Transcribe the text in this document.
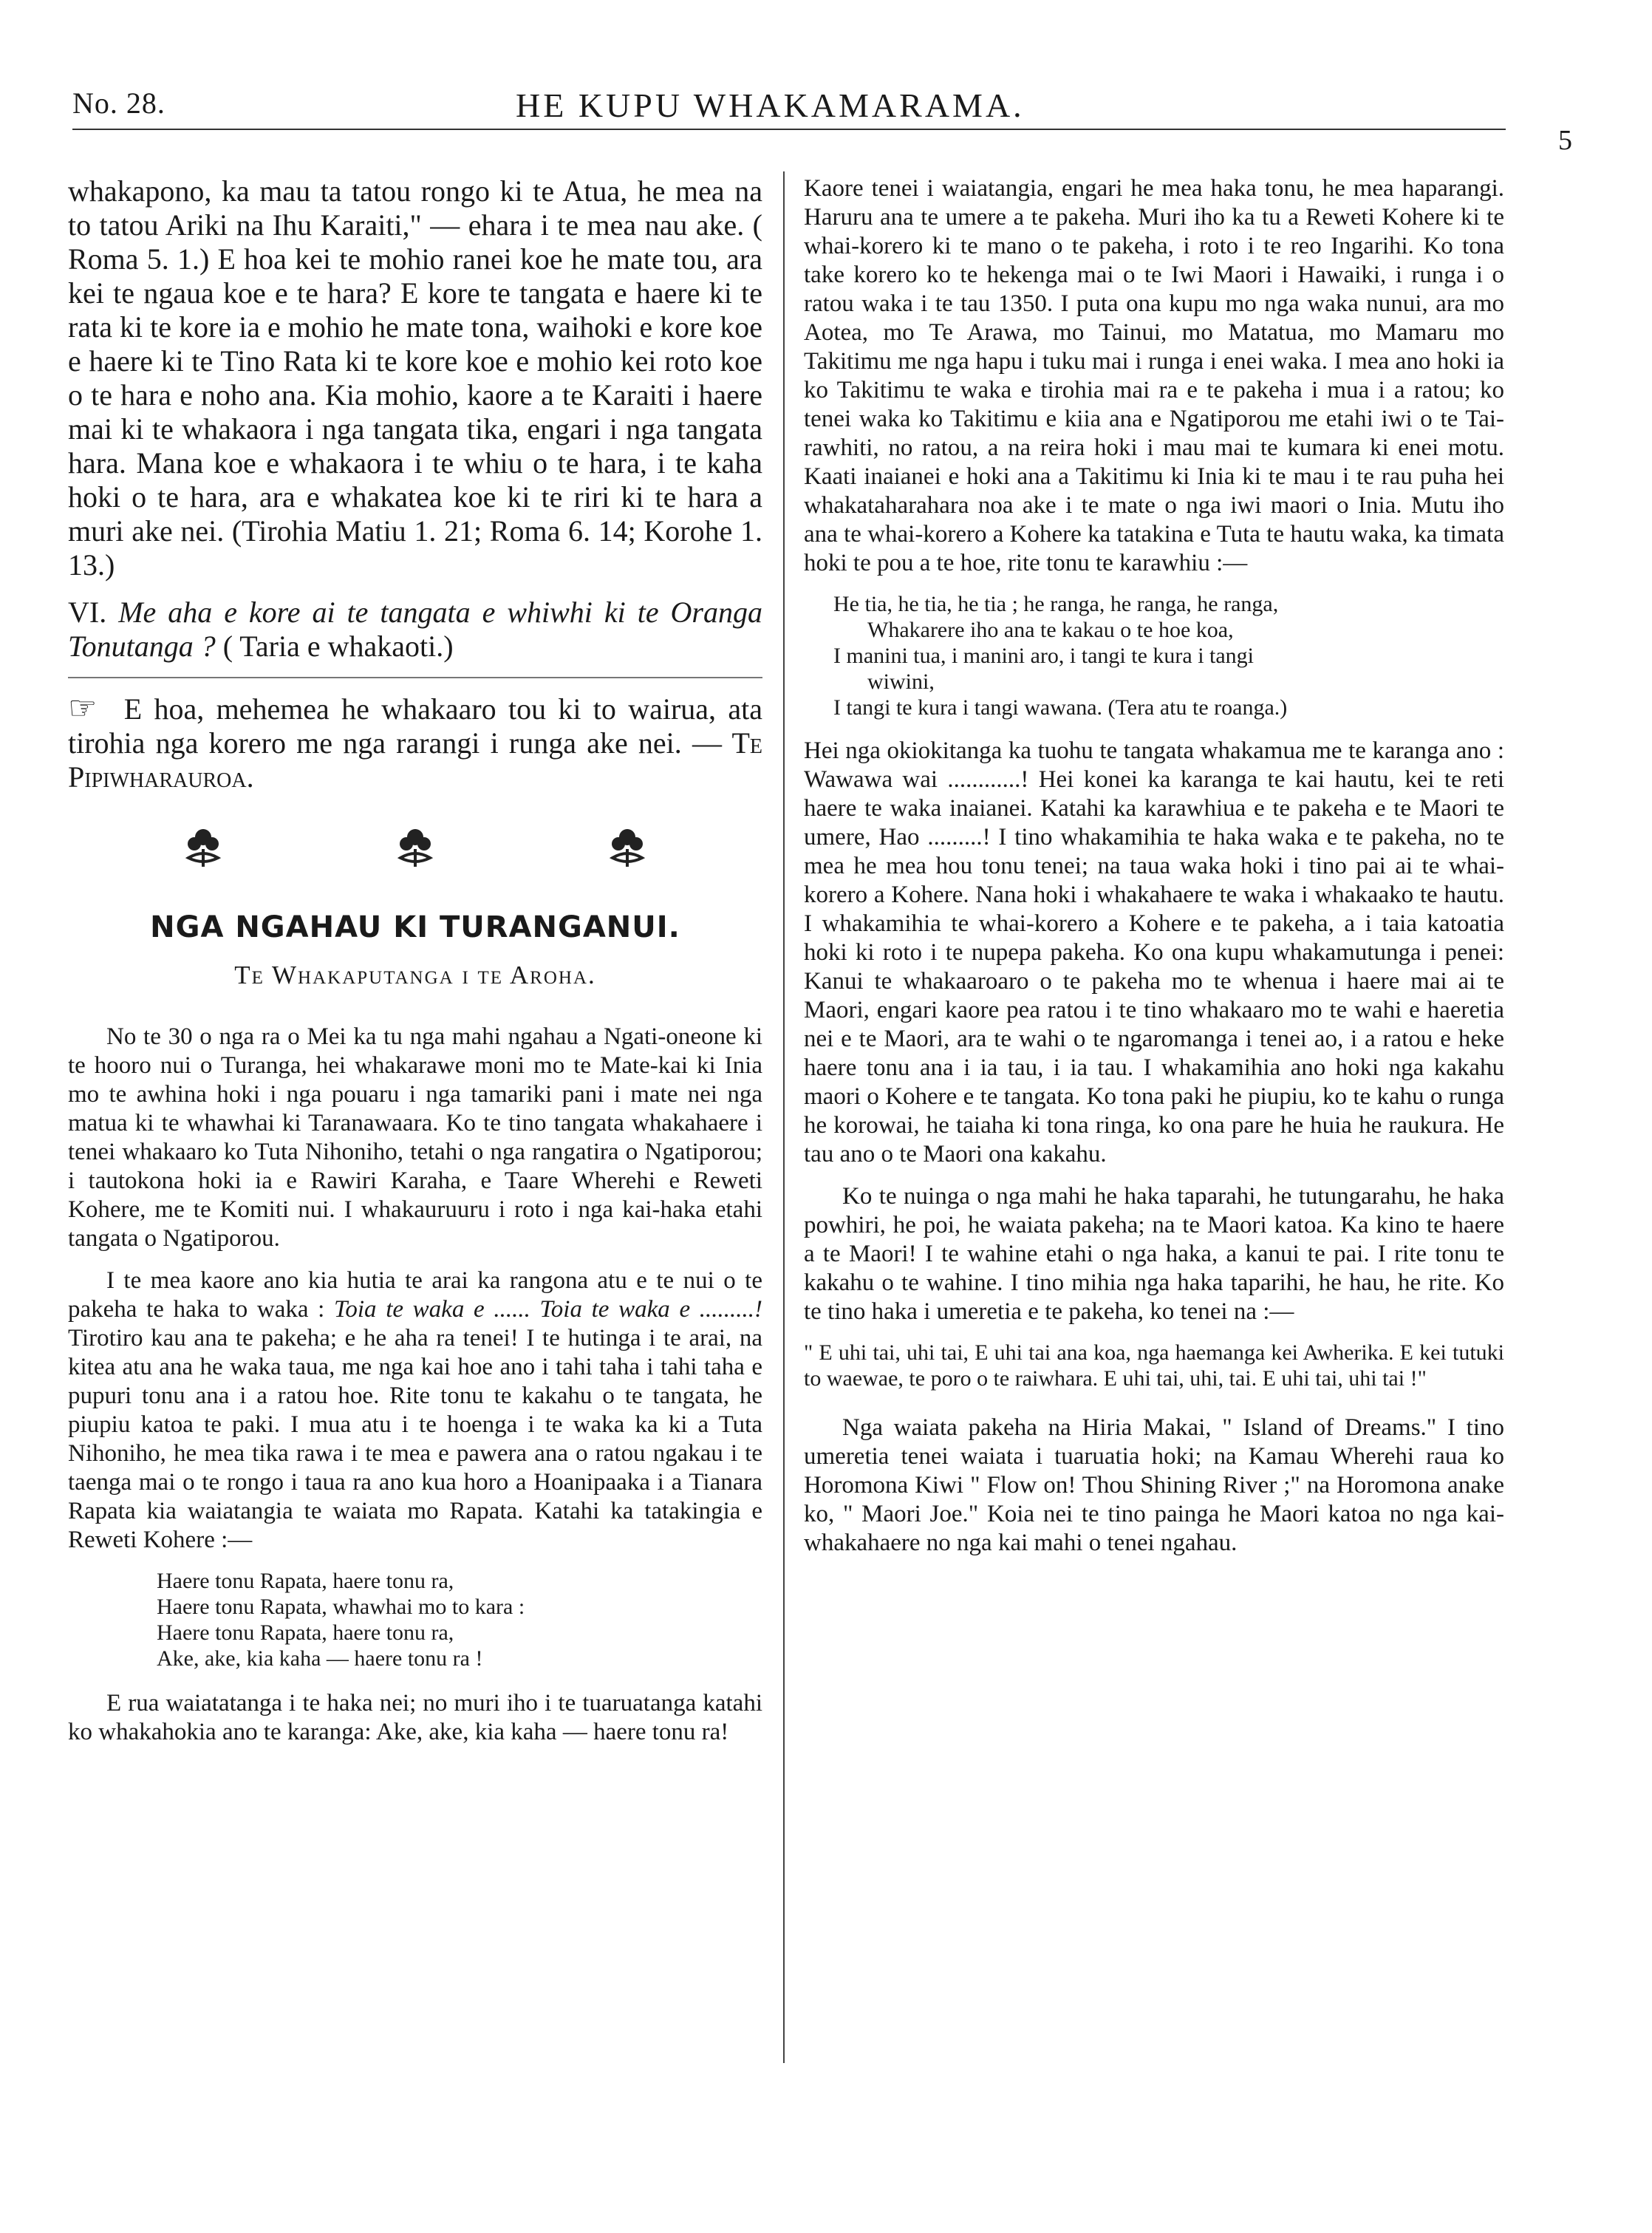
No. 28.	HE KUPU WHAKAMARAMA.
5

whakapono, ka mau ta tatou rongo ki te Atua, he mea na to tatou Ariki na Ihu Karaiti," — ehara i te mea nau ake. ( Roma 5. 1.) E hoa kei te mohio ranei koe he mate tou, ara kei te ngaua koe e te hara? E kore te tangata e haere ki te rata ki te kore ia e mohio he mate tona, waihoki e kore koe e haere ki te Tino Rata ki te kore koe e mohio kei roto koe o te hara e noho ana. Kia mohio, kaore a te Karaiti i haere mai ki te whakaora i nga tangata tika, engari i nga tangata hara. Mana koe e whakaora i te whiu o te hara, i te kaha hoki o te hara, ara e whakatea koe ki te riri ki te hara a muri ake nei. (Tirohia Matiu 1. 21; Roma 6. 14; Korohe 1. 13.)

VI. Me aha e kore ai te tangata e whiwhi ki te Oranga Tonutanga ? ( Taria e whakaoti.)

☞ E hoa, mehemea he whakaaro tou ki to wairua, ata tirohia nga korero me nga rarangi i runga ake nei. — Te Pipiwharauroa.

NGA NGAHAU KI TURANGANUI.
Te Whakaputanga i te Aroha.

No te 30 o nga ra o Mei ka tu nga mahi ngahau a Ngati-oneone ki te hooro nui o Turanga, hei whakarawe moni mo te Mate-kai ki Inia mo te awhina hoki i nga pouaru i nga tamariki pani i mate nei nga matua ki te whawhai ki Taranawaara. Ko te tino tangata whakahaere i tenei whakaaro ko Tuta Nihoniho, tetahi o nga rangatira o Ngatiporou; i tautokona hoki ia e Rawiri Karaha, e Taare Wherehi e Reweti Kohere, me te Komiti nui. I whakauruuru i roto i nga kai-haka etahi tangata o Ngatiporou.

I te mea kaore ano kia hutia te arai ka rangona atu e te nui o te pakeha te haka to waka : Toia te waka e ...... Toia te waka e .........! Tirotiro kau ana te pakeha; e he aha ra tenei! I te hutinga i te arai, na kitea atu ana he waka taua, me nga kai hoe ano i tahi taha i tahi taha e pupuri tonu ana i a ratou hoe. Rite tonu te kakahu o te tangata, he piupiu katoa te paki. I mua atu i te hoenga i te waka ka ki a Tuta Nihoniho, he mea tika rawa i te mea e pawera ana o ratou ngakau i te taenga mai o te rongo i taua ra ano kua horo a Hoanipaaka i a Tianara Rapata kia waiatangia te waiata mo Rapata. Katahi ka tatakingia e Reweti Kohere :—

Haere tonu Rapata, haere tonu ra,
Haere tonu Rapata, whawhai mo to kara :
Haere tonu Rapata, haere tonu ra,
Ake, ake, kia kaha — haere tonu ra !

E rua waiatatanga i te haka nei; no muri iho i te tuaruatanga katahi ko whakahokia ano te karanga: Ake, ake, kia kaha — haere tonu ra!

Kaore tenei i waiatangia, engari he mea haka tonu, he mea haparangi. Haruru ana te umere a te pakeha. Muri iho ka tu a Reweti Kohere ki te whai-korero ki te mano o te pakeha, i roto i te reo Ingarihi. Ko tona take korero ko te hekenga mai o te Iwi Maori i Hawaiki, i runga i o ratou waka i te tau 1350. I puta ona kupu mo nga waka nunui, ara mo Aotea, mo Te Arawa, mo Tainui, mo Matatua, mo Mamaru mo Takitimu me nga hapu i tuku mai i runga i enei waka. I mea ano hoki ia ko Takitimu te waka e tirohia mai ra e te pakeha i mua i a ratou; ko tenei waka ko Takitimu e kiia ana e Ngatiporou me etahi iwi o te Tai-rawhiti, no ratou, a na reira hoki i mau mai te kumara ki enei motu. Kaati inaianei e hoki ana a Takitimu ki Inia ki te mau i te rau puha hei whakataharahara noa ake i te mate o nga iwi maori o Inia. Mutu iho ana te whai-korero a Kohere ka tatakina e Tuta te hautu waka, ka timata hoki te pou a te hoe, rite tonu te karawhiu :—

He tia, he tia, he tia ; he ranga, he ranga, he ranga,
Whakarere iho ana te kakau o te hoe koa,
I manini tua, i manini aro, i tangi te kura i tangi
wiwini,
I tangi te kura i tangi wawana. (Tera atu te roanga.)

Hei nga okiokitanga ka tuohu te tangata whakamua me te karanga ano : Wawawa wai ............! Hei konei ka karanga te kai hautu, kei te reti haere te waka inaianei. Katahi ka karawhiua e te pakeha e te Maori te umere, Hao .........! I tino whakamihia te haka waka e te pakeha, no te mea he mea hou tonu tenei; na taua waka hoki i tino pai ai te whai-korero a Kohere. Nana hoki i whakahaere te waka i whakaako te hautu. I whakamihia te whai-korero a Kohere e te pakeha, a i taia katoatia hoki ki roto i te nupepa pakeha. Ko ona kupu whakamutunga i penei: Kanui te whakaaroaro o te pakeha mo te whenua i haere mai ai te Maori, engari kaore pea ratou i te tino whakaaro mo te wahi e haeretia nei e te Maori, ara te wahi o te ngaromanga i tenei ao, i a ratou e heke haere tonu ana i ia tau, i ia tau. I whakamihia ano hoki nga kakahu maori o Kohere e te tangata. Ko tona paki he piupiu, ko te kahu o runga he korowai, he taiaha ki tona ringa, ko ona pare he huia he raukura. He tau ano o te Maori ona kakahu.

Ko te nuinga o nga mahi he haka taparahi, he tutungarahu, he haka powhiri, he poi, he waiata pakeha; na te Maori katoa. Ka kino te haere a te Maori! I te wahine etahi o nga haka, a kanui te pai. I rite tonu te kakahu o te wahine. I tino mihia nga haka taparihi, he hau, he rite. Ko te tino haka i umeretia e te pakeha, ko tenei na :—

" E uhi tai, uhi tai, E uhi tai ana koa, nga haemanga kei Awherika. E kei tutuki to waewae, te poro o te raiwhara. E uhi tai, uhi, tai. E uhi tai, uhi tai !"

Nga waiata pakeha na Hiria Makai, " Island of Dreams." I tino umeretia tenei waiata i tuaruatia hoki; na Kamau Wherehi raua ko Horomona Kiwi " Flow on! Thou Shining River ;" na Horomona anake ko, " Maori Joe." Koia nei te tino painga he Maori katoa no nga kai-whakahaere no nga kai mahi o tenei ngahau.
